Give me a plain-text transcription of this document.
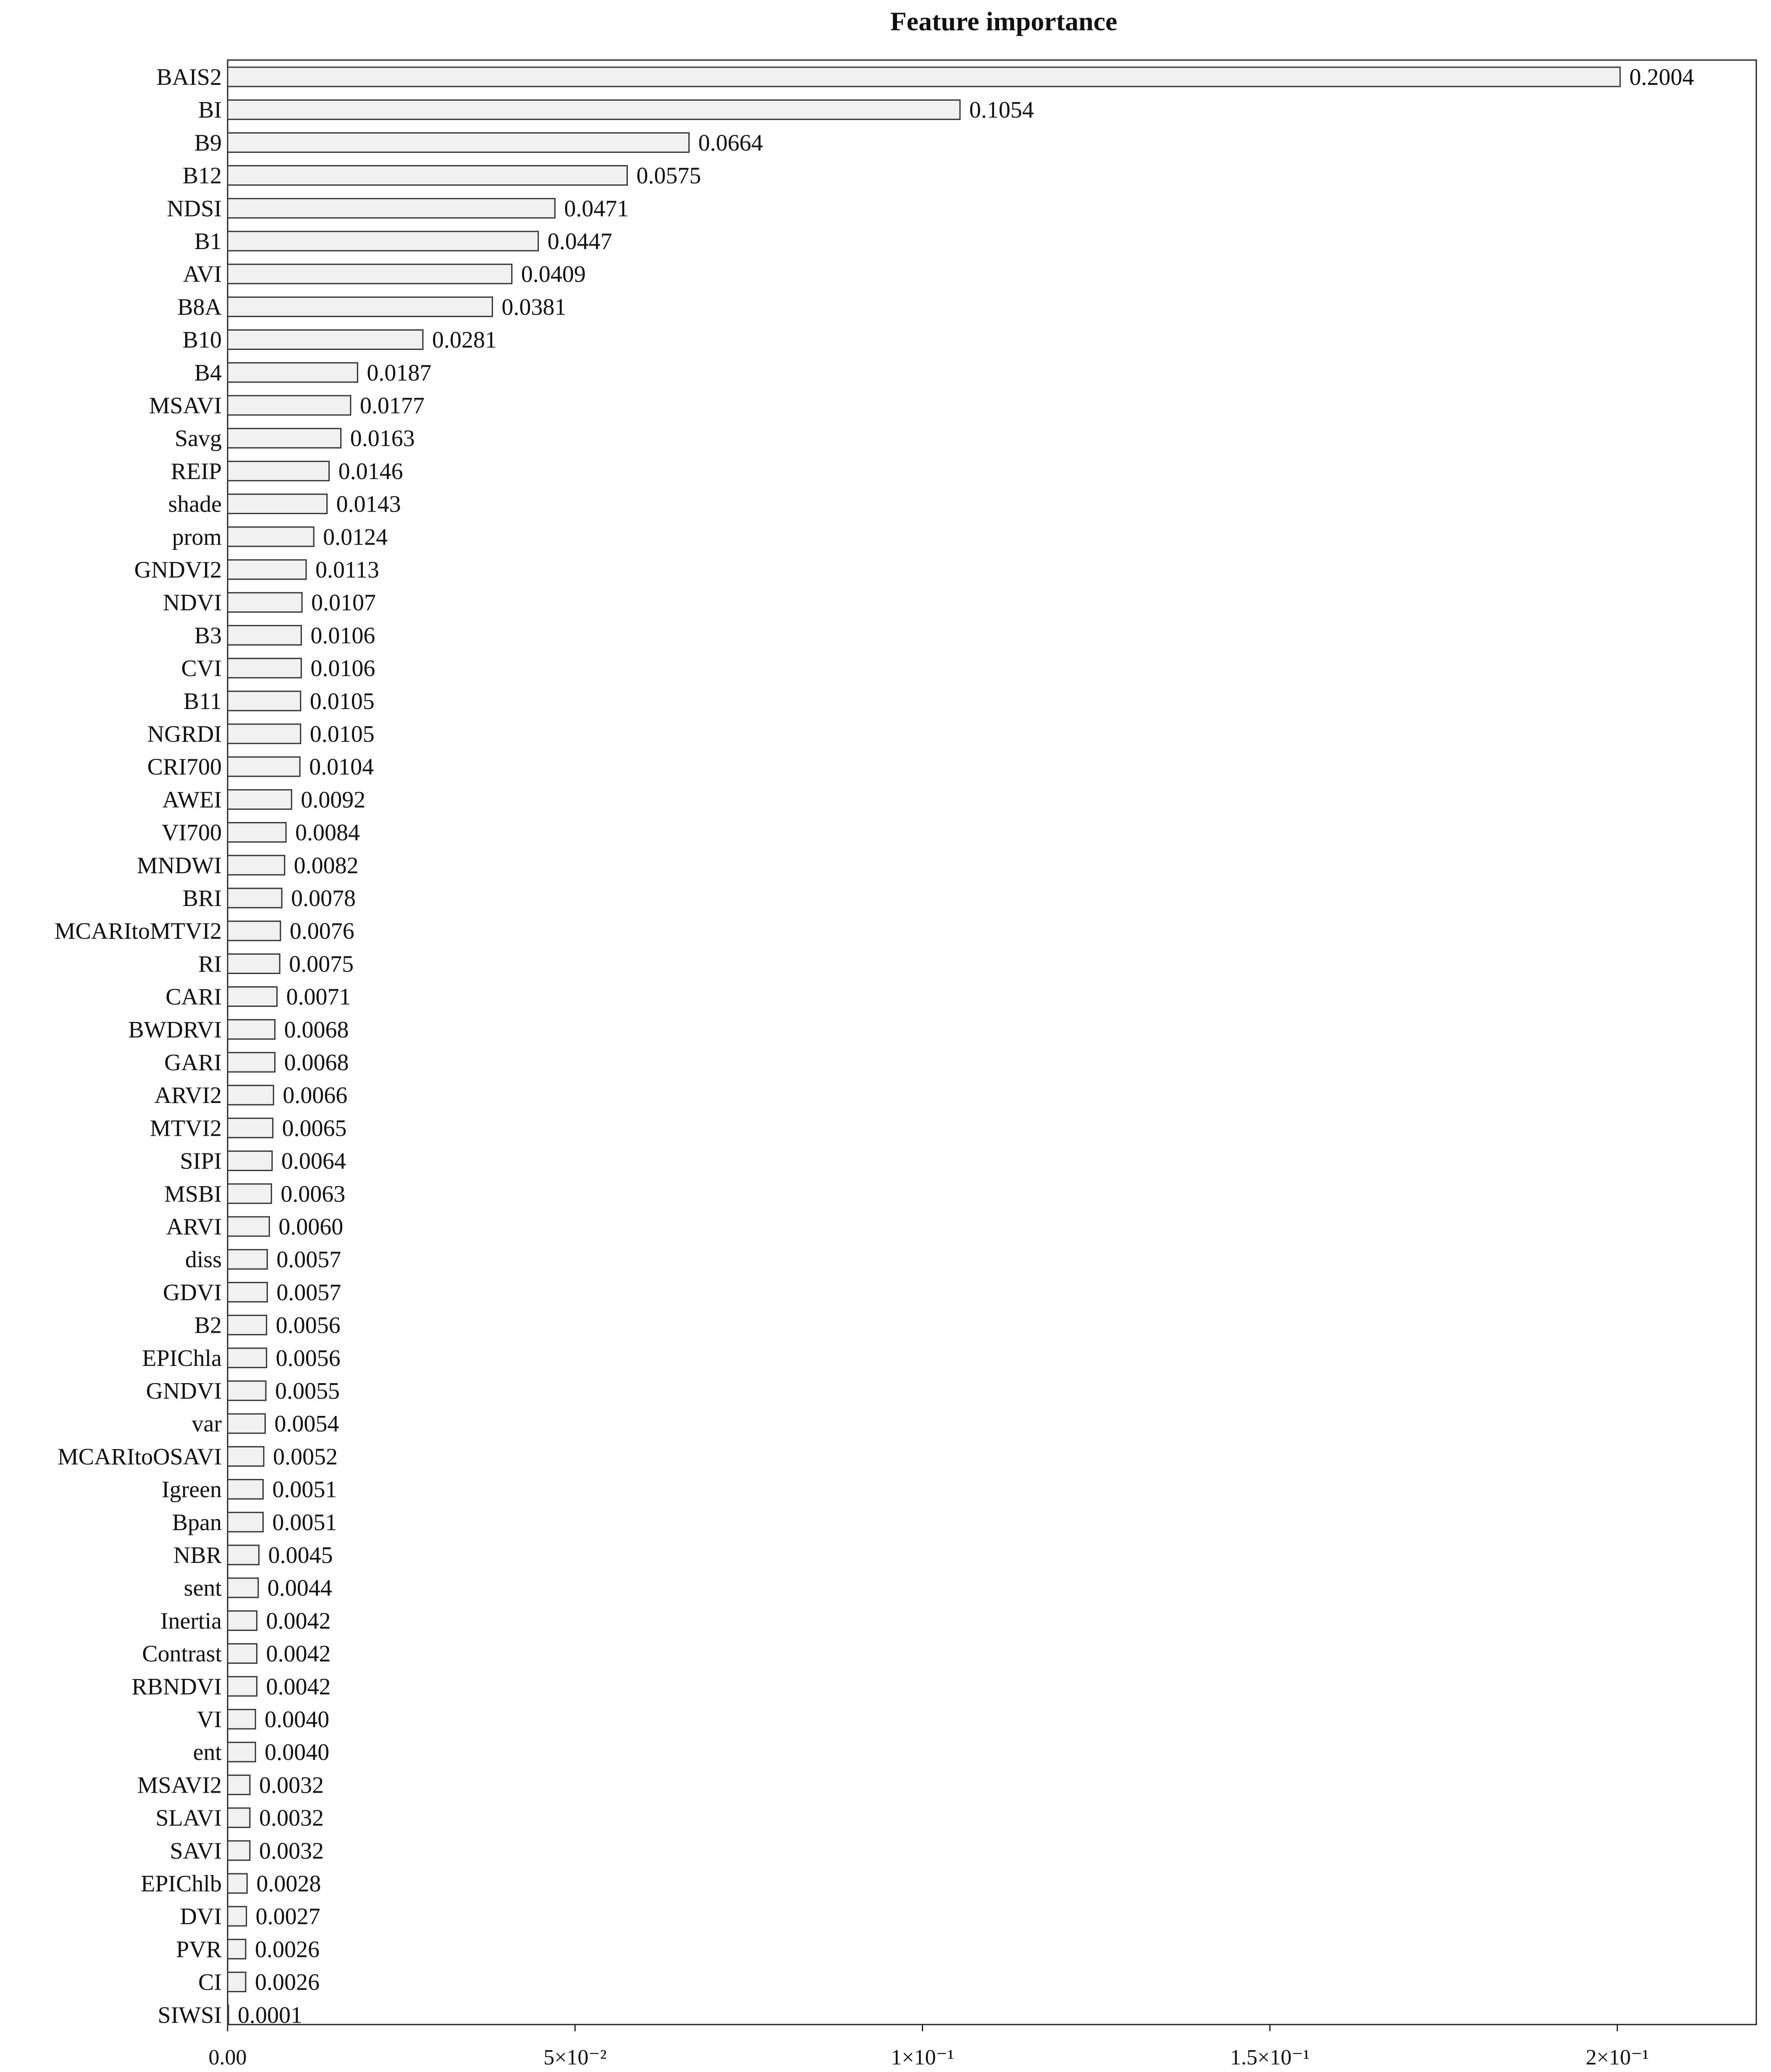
Feature importance
BAIS2
BI
B9
B12
NDSI
B1
AVI
B8A
B10
B4
MSAVI
Savg
REIP
shade
prom
GNDVI2
NDVI
B3
CVI
B11
NGRDI
CRI700
AWEI
VI700
MNDWI
BRI
MCARItoMTVI2
RI
CARI
BWDRVI
GARI
ARVI2
MTVI2
SIPI
MSBI
ARVI
diss
GDVI
B2
EPIChla
GNDVI
var
MCARItoOSAVI
Igreen
Bpan
NBR
sent
Inertia
Contrast
RBNDVI
VI
ent
MSAVI2
SLAVI
SAVI
EPIChlb
DVI
PVR
CI
SIWSI
0.2004
0.1054
0.0664
0.0575
0.0471
0.0447
0.0409
0.0381
0.0281
0.0187
0.0177
0.0163
0.0146
0.0143
0.0124
0.0113
0.0107
0.0106
0.0106
0.0105
0.0105
0.0104
0.0092
0.0084
0.0082
0.0078
0.0076
0.0075
0.0071
0.0068
0.0068
0.0066
0.0065
0.0064
0.0063
0.0060
0.0057
0.0057
0.0056
0.0056
0.0055
0.0054
0.0052
0.0051
0.0051
0.0045
0.0044
0.0042
0.0042
0.0042
0.0040
0.0040
0.0032
0.0032
0.0032
0.0028
0.0027
0.0026
0.0026
0.0001
0.00	5×10⁻²	1×10⁻¹	1.5×10⁻¹	2×10⁻¹
